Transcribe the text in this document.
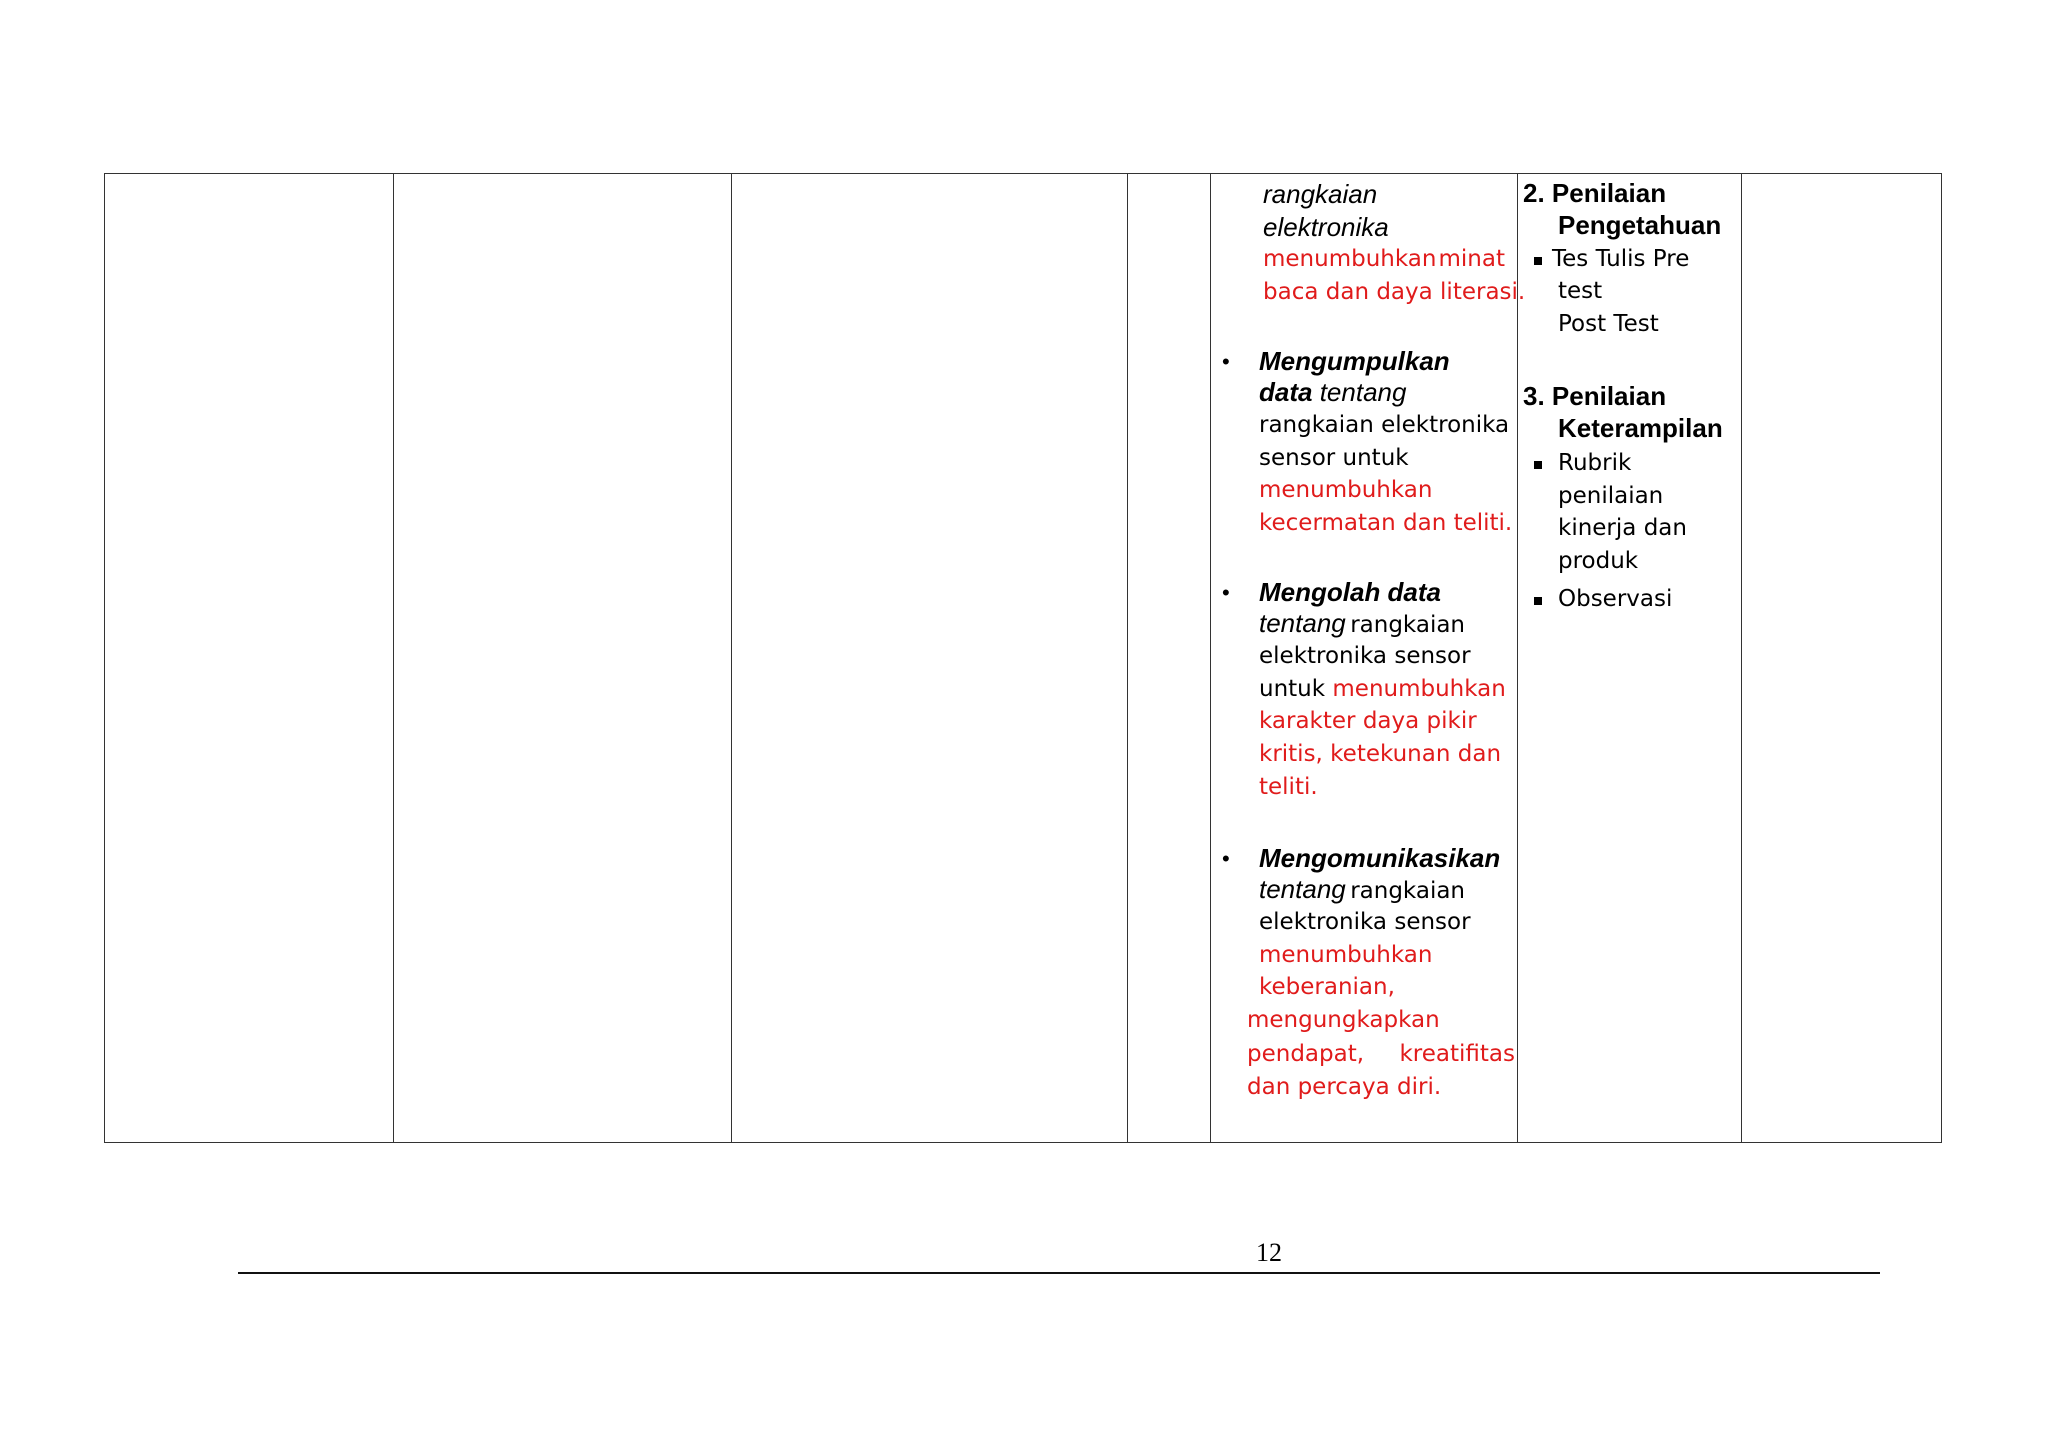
rangkaian
elektronika
menumbuhkan minat
baca dan daya literasi.
• Mengumpulkan
data tentang
rangkaian elektronika
sensor untuk
menumbuhkan
kecermatan dan teliti.
• Mengolah data
tentang rangkaian
elektronika sensor
untuk menumbuhkan
karakter daya pikir
kritis, ketekunan dan
teliti.
• Mengomunikasikan
tentang rangkaian
elektronika sensor
menumbuhkan
keberanian,
mengungkapkan
pendapat, kreatifitas
dan percaya diri.
2. Penilaian
Pengetahuan
Tes Tulis Pre
test
Post Test
3. Penilaian
Keterampilan
Rubrik
penilaian
kinerja dan
produk
Observasi
12
